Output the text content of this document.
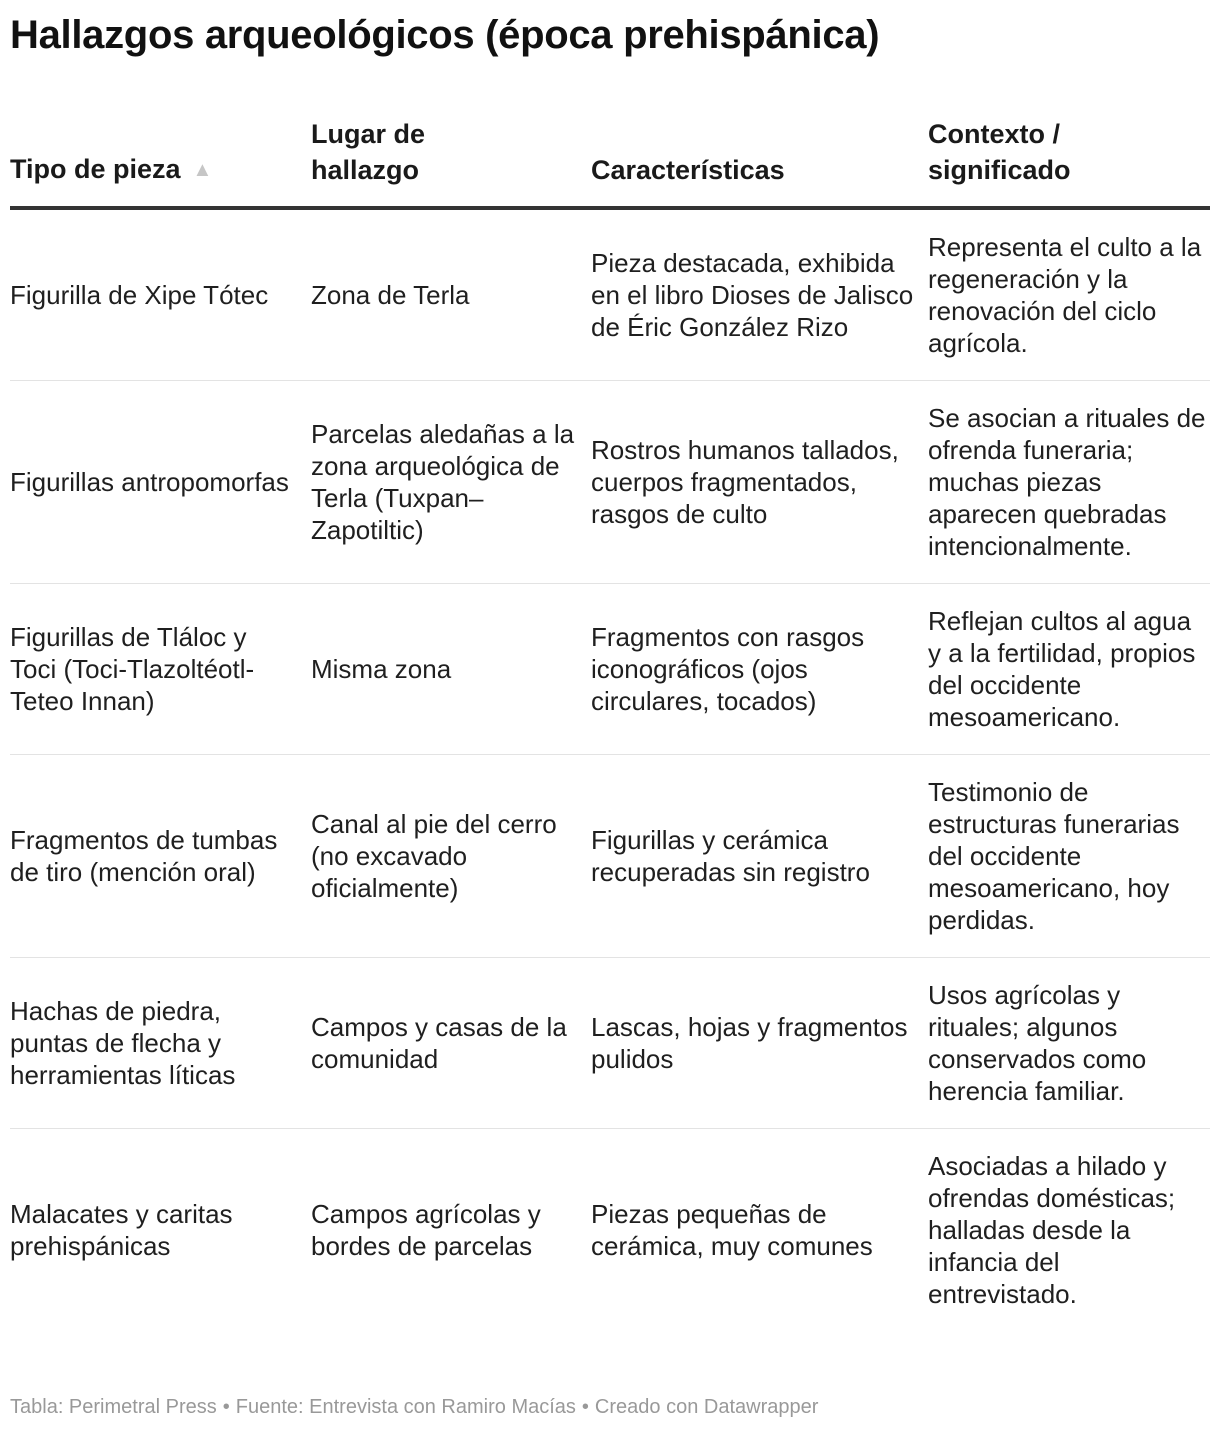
Hallazgos arqueológicos (época prehispánica)
Tipo de pieza ▲	Lugar de hallazgo	Características	Contexto / significado
Figurilla de Xipe Tótec	Zona de Terla	Pieza destacada, exhibida en el libro Dioses de Jalisco de Éric González Rizo	Representa el culto a la regeneración y la renovación del ciclo agrícola.
Figurillas antropomorfas	Parcelas aledañas a la zona arqueológica de Terla (Tuxpan–Zapotiltic)	Rostros humanos tallados, cuerpos fragmentados, rasgos de culto	Se asocian a rituales de ofrenda funeraria; muchas piezas aparecen quebradas intencionalmente.
Figurillas de Tláloc y Toci (Toci-Tlazoltéotl-Teteo Innan)	Misma zona	Fragmentos con rasgos iconográficos (ojos circulares, tocados)	Reflejan cultos al agua y a la fertilidad, propios del occidente mesoamericano.
Fragmentos de tumbas de tiro (mención oral)	Canal al pie del cerro (no excavado oficialmente)	Figurillas y cerámica recuperadas sin registro	Testimonio de estructuras funerarias del occidente mesoamericano, hoy perdidas.
Hachas de piedra, puntas de flecha y herramientas líticas	Campos y casas de la comunidad	Lascas, hojas y fragmentos pulidos	Usos agrícolas y rituales; algunos conservados como herencia familiar.
Malacates y caritas prehispánicas	Campos agrícolas y bordes de parcelas	Piezas pequeñas de cerámica, muy comunes	Asociadas a hilado y ofrendas domésticas; halladas desde la infancia del entrevistado.
Tabla: Perimetral Press • Fuente: Entrevista con Ramiro Macías • Creado con Datawrapper
